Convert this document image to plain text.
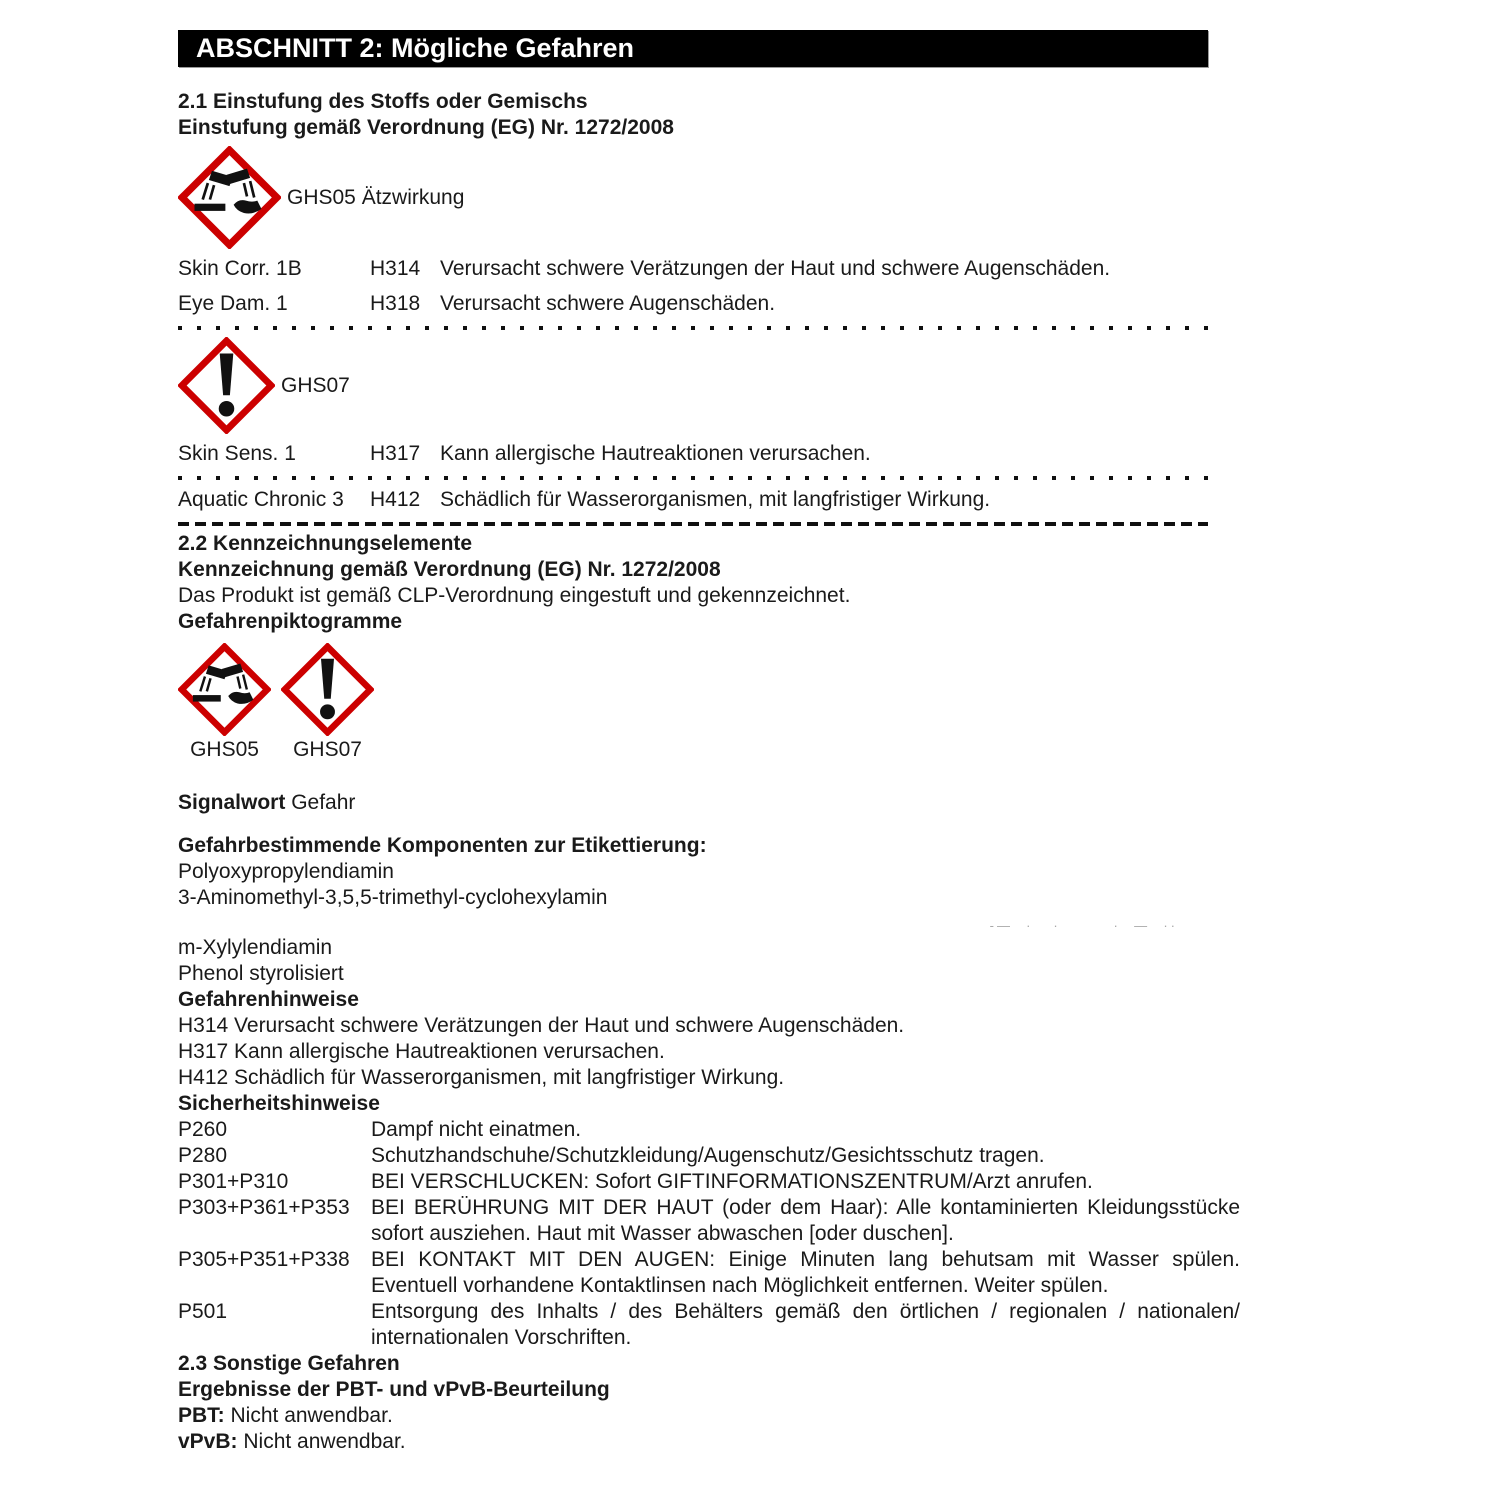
ABSCHNITT 2: Mögliche Gefahren
2.1 Einstufung des Stoffs oder Gemischs
Einstufung gemäß Verordnung (EG) Nr. 1272/2008
GHS05 Ätzwirkung
Skin Corr. 1B	H314 Verursacht schwere Verätzungen der Haut und schwere Augenschäden.
Eye Dam. 1	H318 Verursacht schwere Augenschäden.
GHS07
Skin Sens. 1	H317 Kann allergische Hautreaktionen verursachen.
Aquatic Chronic 3	H412 Schädlich für Wasserorganismen, mit langfristiger Wirkung.
2.2 Kennzeichnungselemente
Kennzeichnung gemäß Verordnung (EG) Nr. 1272/2008
Das Produkt ist gemäß CLP-Verordnung eingestuft und gekennzeichnet.
Gefahrenpiktogramme
GHS05 GHS07
Signalwort Gefahr
Gefahrbestimmende Komponenten zur Etikettierung:
Polyoxypropylendiamin
3-Aminomethyl-3,5,5-trimethyl-cyclohexylamin
-—  ·   ·        ·  —  ··
m-Xylylendiamin
Phenol styrolisiert
Gefahrenhinweise
H314 Verursacht schwere Verätzungen der Haut und schwere Augenschäden.
H317 Kann allergische Hautreaktionen verursachen.
H412 Schädlich für Wasserorganismen, mit langfristiger Wirkung.
Sicherheitshinweise
P260	Dampf nicht einatmen.
P280	Schutzhandschuhe/Schutzkleidung/Augenschutz/Gesichtsschutz tragen.
P301+P310	BEI VERSCHLUCKEN: Sofort GIFTINFORMATIONSZENTRUM/Arzt anrufen.
P303+P361+P353	BEI BERÜHRUNG MIT DER HAUT (oder dem Haar): Alle kontaminierten Kleidungsstücke sofort ausziehen. Haut mit Wasser abwaschen [oder duschen].
P305+P351+P338	BEI KONTAKT MIT DEN AUGEN: Einige Minuten lang behutsam mit Wasser spülen. Eventuell vorhandene Kontaktlinsen nach Möglichkeit entfernen. Weiter spülen.
P501	Entsorgung des Inhalts / des Behälters gemäß den örtlichen / regionalen / nationalen/ internationalen Vorschriften.
2.3 Sonstige Gefahren
Ergebnisse der PBT- und vPvB-Beurteilung
PBT: Nicht anwendbar.
vPvB: Nicht anwendbar.
